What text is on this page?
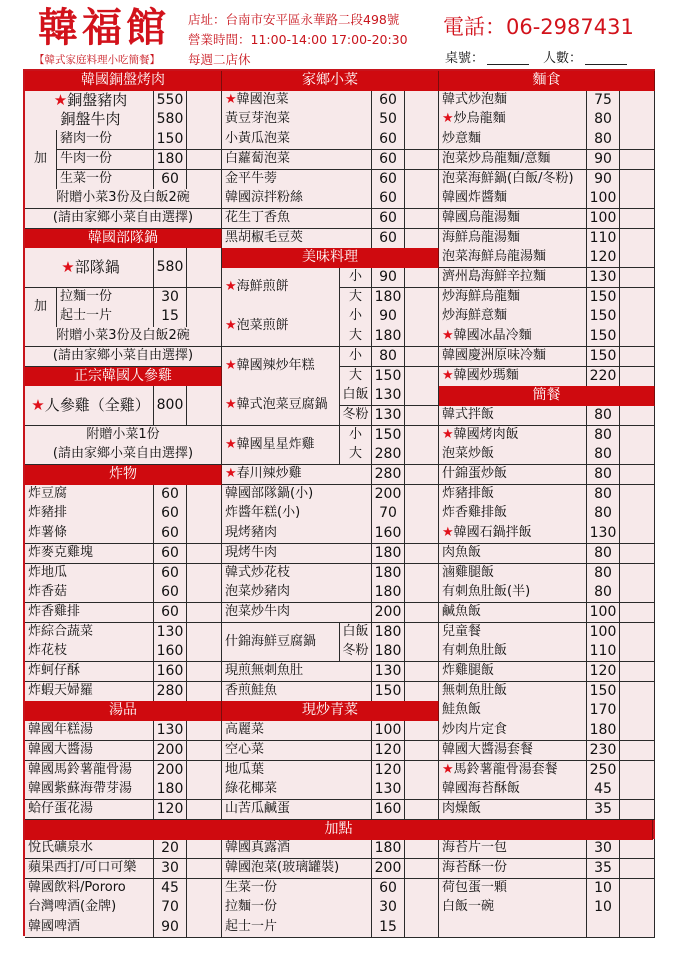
韓福館
【韓式家庭料理小吃簡餐】
店址：台南市安平區永華路二段498號
營業時間：11:00-14:00 17:00-20:30
每週二店休
電話：06-2987431
桌號：	人數：
韓國銅盤烤肉
★銅盤豬肉	550
銅盤牛肉	580
加
豬肉一份	150
牛肉一份	180
生菜一份	60
附贈小菜3份及白飯2碗
(請由家鄉小菜自由選擇)
韓國部隊鍋
★部隊鍋	580
加
拉麵一份	30
起士一片	15
附贈小菜3份及白飯2碗
(請由家鄉小菜自由選擇)
正宗韓國人參雞
★人參雞（全雞） 800
附贈小菜1份
(請由家鄉小菜自由選擇)
炸物
炸豆腐	60
炸豬排	60
炸薯條	60
炸麥克雞塊	60
炸地瓜	60
炸香菇	60
炸香雞排	60
炸綜合蔬菜	130
炸花枝	160
炸蚵仔酥	160
炸蝦天婦羅	280
湯品
韓國年糕湯	130
韓國大醬湯	200
韓國馬鈴薯龍骨湯	200
韓國紫蘇海帶芽湯	180
蛤仔蛋花湯	120
悅氏礦泉水	20
蘋果西打/可口可樂	30
韓國飲料/Pororo	45
台灣啤酒(金牌)	70
韓國啤酒	90
家鄉小菜
★韓國泡菜	60
黃豆芽泡菜	50
小黃瓜泡菜	60
白蘿蔔泡菜	60
金平牛蒡	60
韓國涼拌粉絲	60
花生丁香魚	60
黑胡椒毛豆莢	60
美味料理
★海鮮煎餅
小	90
大 180
★泡菜煎餅
小	90
大 180
★韓國辣炒年糕
小	80
大 150
★韓式泡菜豆腐鍋
白飯 130
冬粉 130
★韓國星星炸雞
小 150
大 280
★春川辣炒雞	280
韓國部隊鍋(小)	200
炸醬年糕(小)	70
現烤豬肉	160
現烤牛肉	180
韓式炒花枝	180
泡菜炒豬肉	180
泡菜炒牛肉	200
什錦海鮮豆腐鍋
白飯 180
冬粉 180
現煎無刺魚肚	130
香煎鮭魚	150
現炒青菜
高麗菜	100
空心菜	120
地瓜葉	120
綠花椰菜	130
山苦瓜鹹蛋	160
韓國真露酒	180
韓國泡菜(玻璃罐裝)	200
生菜一份	60
拉麵一份	30
起士一片	15
麵食
韓式炒泡麵	75
★炒烏龍麵	80
炒意麵	80
泡菜炒烏龍麵/意麵	90
泡菜海鮮鍋(白飯/冬粉)	90
韓國炸醬麵	100
韓國烏龍湯麵	100
海鮮烏龍湯麵	110
泡菜海鮮烏龍湯麵	120
濟州島海鮮辛拉麵	130
炒海鮮烏龍麵	150
炒海鮮意麵	150
★韓國冰晶冷麵	150
韓國慶洲原味冷麵	150
★韓國炒瑪麵	220
簡餐
韓式拌飯	80
★韓國烤肉飯	80
泡菜炒飯	80
什錦蛋炒飯	80
炸豬排飯	80
炸香雞排飯	80
★韓國石鍋拌飯	130
肉魚飯	80
滷雞腿飯	80
有刺魚肚飯(半)	80
鹹魚飯	100
兒童餐	100
有刺魚肚飯	110
炸雞腿飯	120
無刺魚肚飯	150
鮭魚飯	170
炒肉片定食	180
韓國大醬湯套餐	230
★馬鈴薯龍骨湯套餐	250
韓國海苔酥飯	45
肉燥飯	35
海苔片一包	30
海苔酥一份	35
荷包蛋一顆	10
白飯一碗	10
加點
